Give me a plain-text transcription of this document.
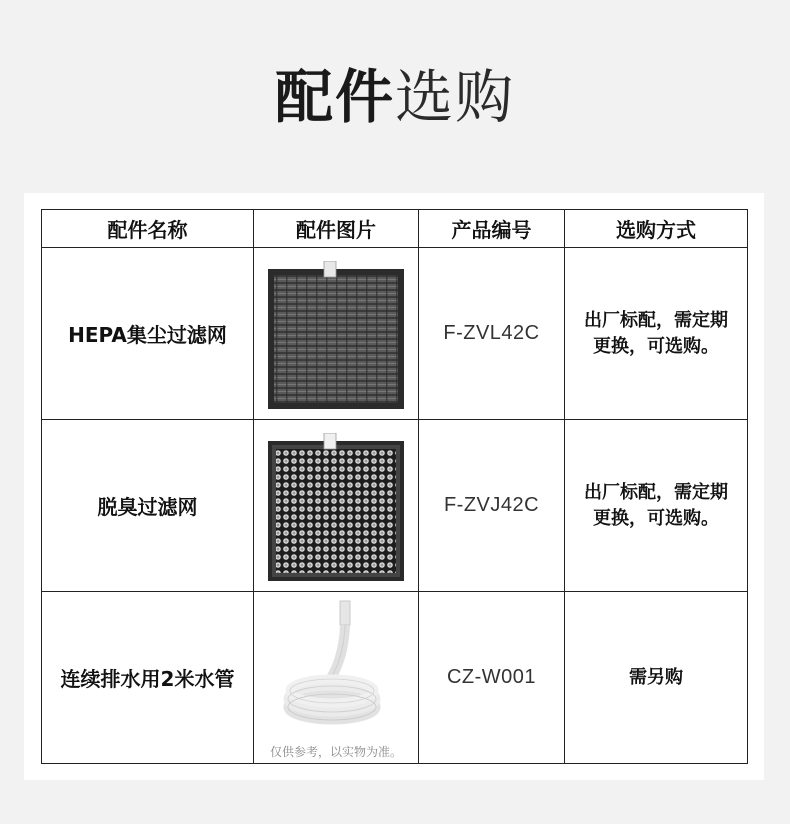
配件选购
配件名称	配件图片	产品编号	选购方式
HEPA集尘过滤网		F-ZVL42C	出厂标配，需定期
更换，可选购。

脱臭过滤网		F-ZVJ42C	出厂标配，需定期
更换，可选购。

连续排水用2米水管	仅供参考，以实物为准。	CZ-W001	需另购
